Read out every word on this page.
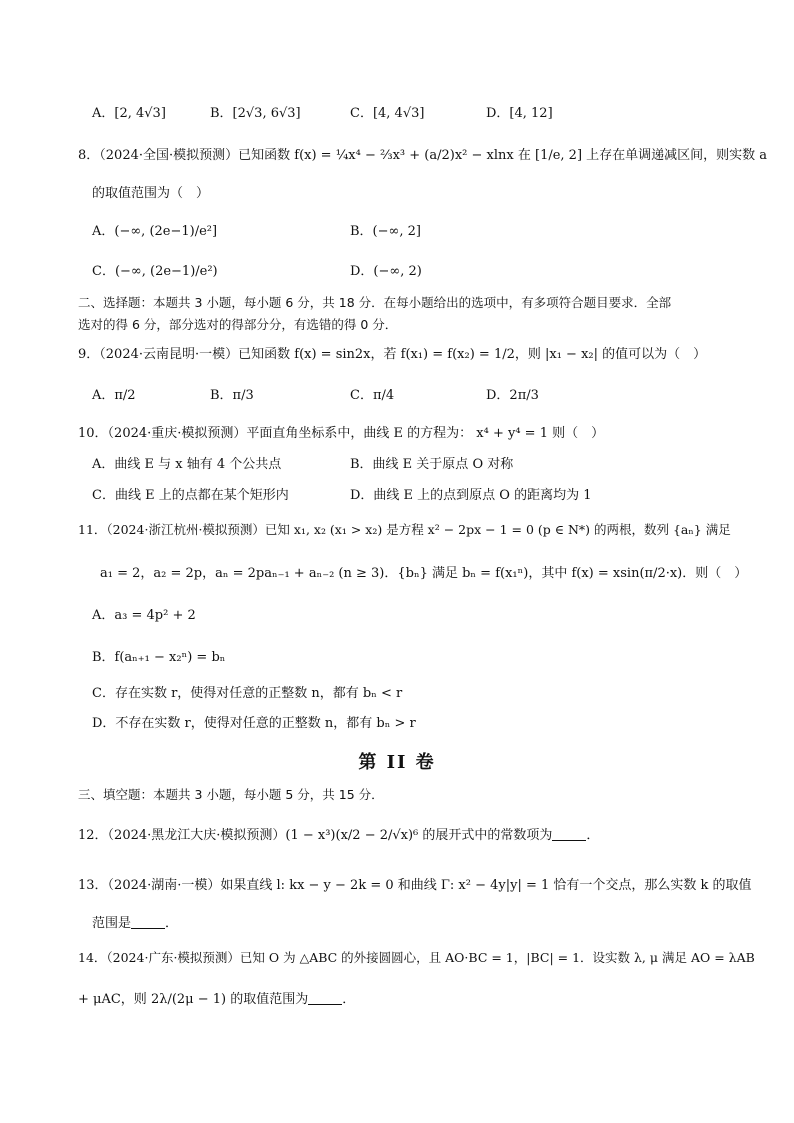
A．[2, 4√3]	B．[2√3, 6√3]	C．[4, 4√3]	D．[4, 12]
8．（2024·全国·模拟预测）已知函数 f(x) = ¼x⁴ − ⅔x³ + (a/2)x² − xlnx 在 [1/e, 2] 上存在单调递减区间，则实数 a
的取值范围为（　）
A．(−∞, (2e−1)/e²]	B．(−∞, 2]
C．(−∞, (2e−1)/e²)	D．(−∞, 2)
二、选择题：本题共 3 小题，每小题 6 分，共 18 分．在每小题给出的选项中，有多项符合题目要求．全部
选对的得 6 分，部分选对的得部分分，有选错的得 0 分．
9．（2024·云南昆明·一模）已知函数 f(x) = sin2x，若 f(x₁) = f(x₂) = 1/2，则 |x₁ − x₂| 的值可以为（　）
A．π/2	B．π/3	C．π/4	D．2π/3
10．（2024·重庆·模拟预测）平面直角坐标系中，曲线 E 的方程为： x⁴ + y⁴ = 1 则（　）
A．曲线 E 与 x 轴有 4 个公共点	B．曲线 E 关于原点 O 对称
C．曲线 E 上的点都在某个矩形内	D．曲线 E 上的点到原点 O 的距离均为 1
11．（2024·浙江杭州·模拟预测）已知 x₁, x₂ (x₁ > x₂) 是方程 x² − 2px − 1 = 0 (p ∈ N*) 的两根，数列 {aₙ} 满足
a₁ = 2，a₂ = 2p，aₙ = 2paₙ₋₁ + aₙ₋₂ (n ≥ 3)．{bₙ} 满足 bₙ = f(x₁ⁿ)，其中 f(x) = xsin(π/2·x)．则（　）
A．a₃ = 4p² + 2
B．f(aₙ₊₁ − x₂ⁿ) = bₙ
C．存在实数 r，使得对任意的正整数 n，都有 bₙ < r
D．不存在实数 r，使得对任意的正整数 n，都有 bₙ > r
第 II 卷
三、填空题：本题共 3 小题，每小题 5 分，共 15 分．
12．（2024·黑龙江大庆·模拟预测）(1 − x³)(x/2 − 2/√x)⁶ 的展开式中的常数项为	．
13．（2024·湖南·一模）如果直线 l: kx − y − 2k = 0 和曲线 Γ: x² − 4y|y| = 1 恰有一个交点，那么实数 k 的取值
范围是	．
14．（2024·广东·模拟预测）已知 O 为 △ABC 的外接圆圆心，且 AO·BC = 1，|BC| = 1．设实数 λ, μ 满足 AO = λAB
+ μAC，则 2λ/(2μ − 1) 的取值范围为	．
